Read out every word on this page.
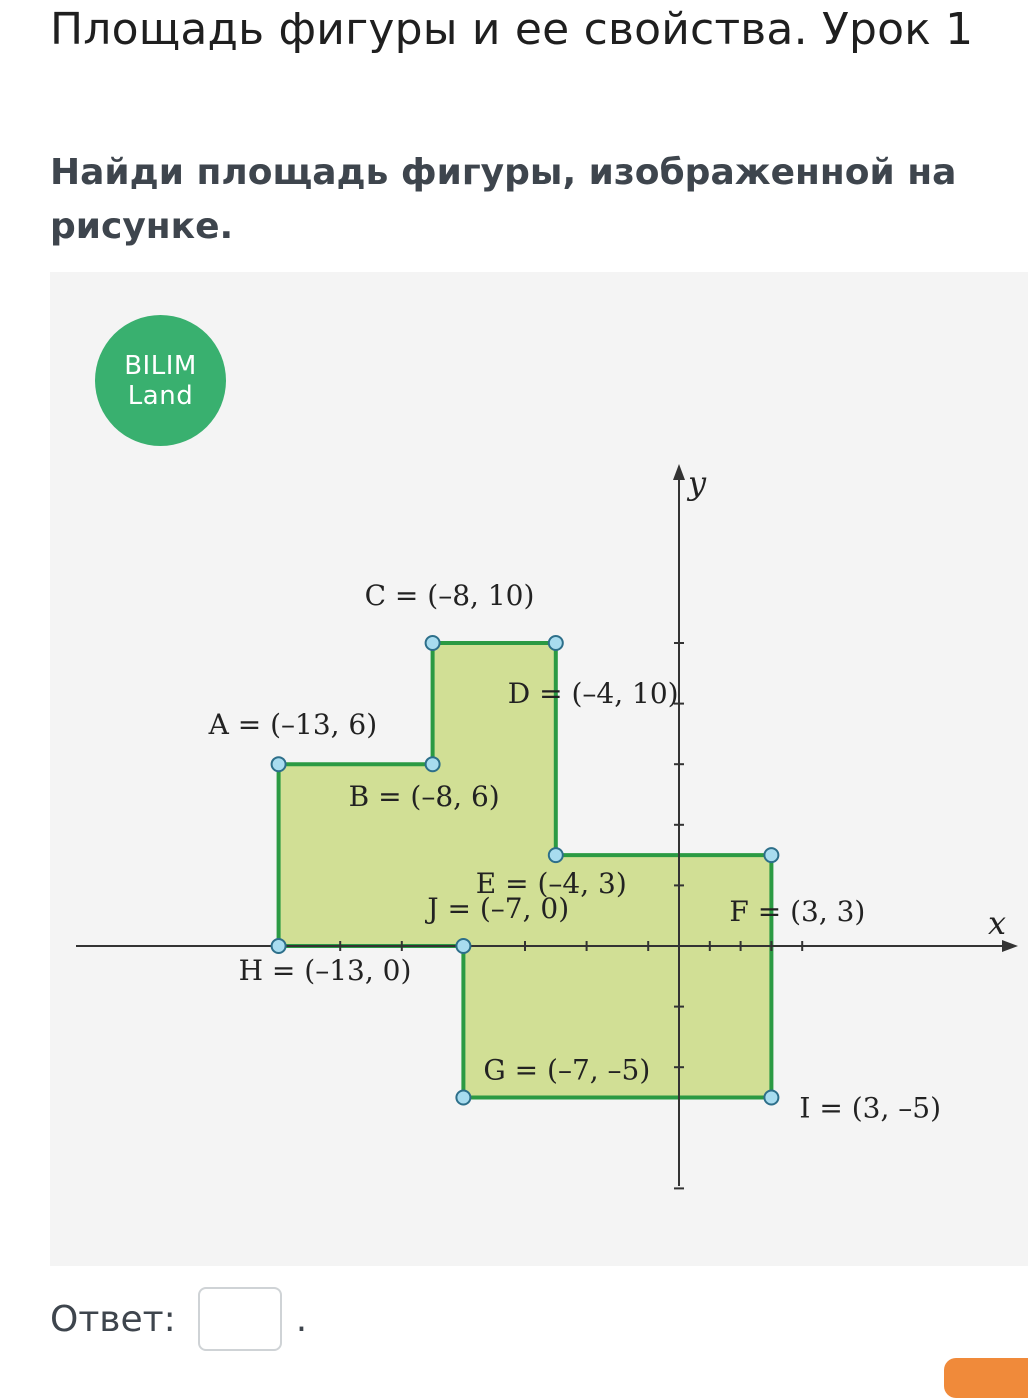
Площадь фигуры и ее свойства. Урок 1
Найди площадь фигуры, изображенной на рисунке.
x
y
A = (–13, 6)
B = (–8, 6)
C = (–8, 10)
D = (–4, 10)
E = (–4, 3)
F = (3, 3)
I = (3, –5)
G = (–7, –5)
J = (–7, 0)
H = (–13, 0)
BILIM
Land
Ответ:	.
